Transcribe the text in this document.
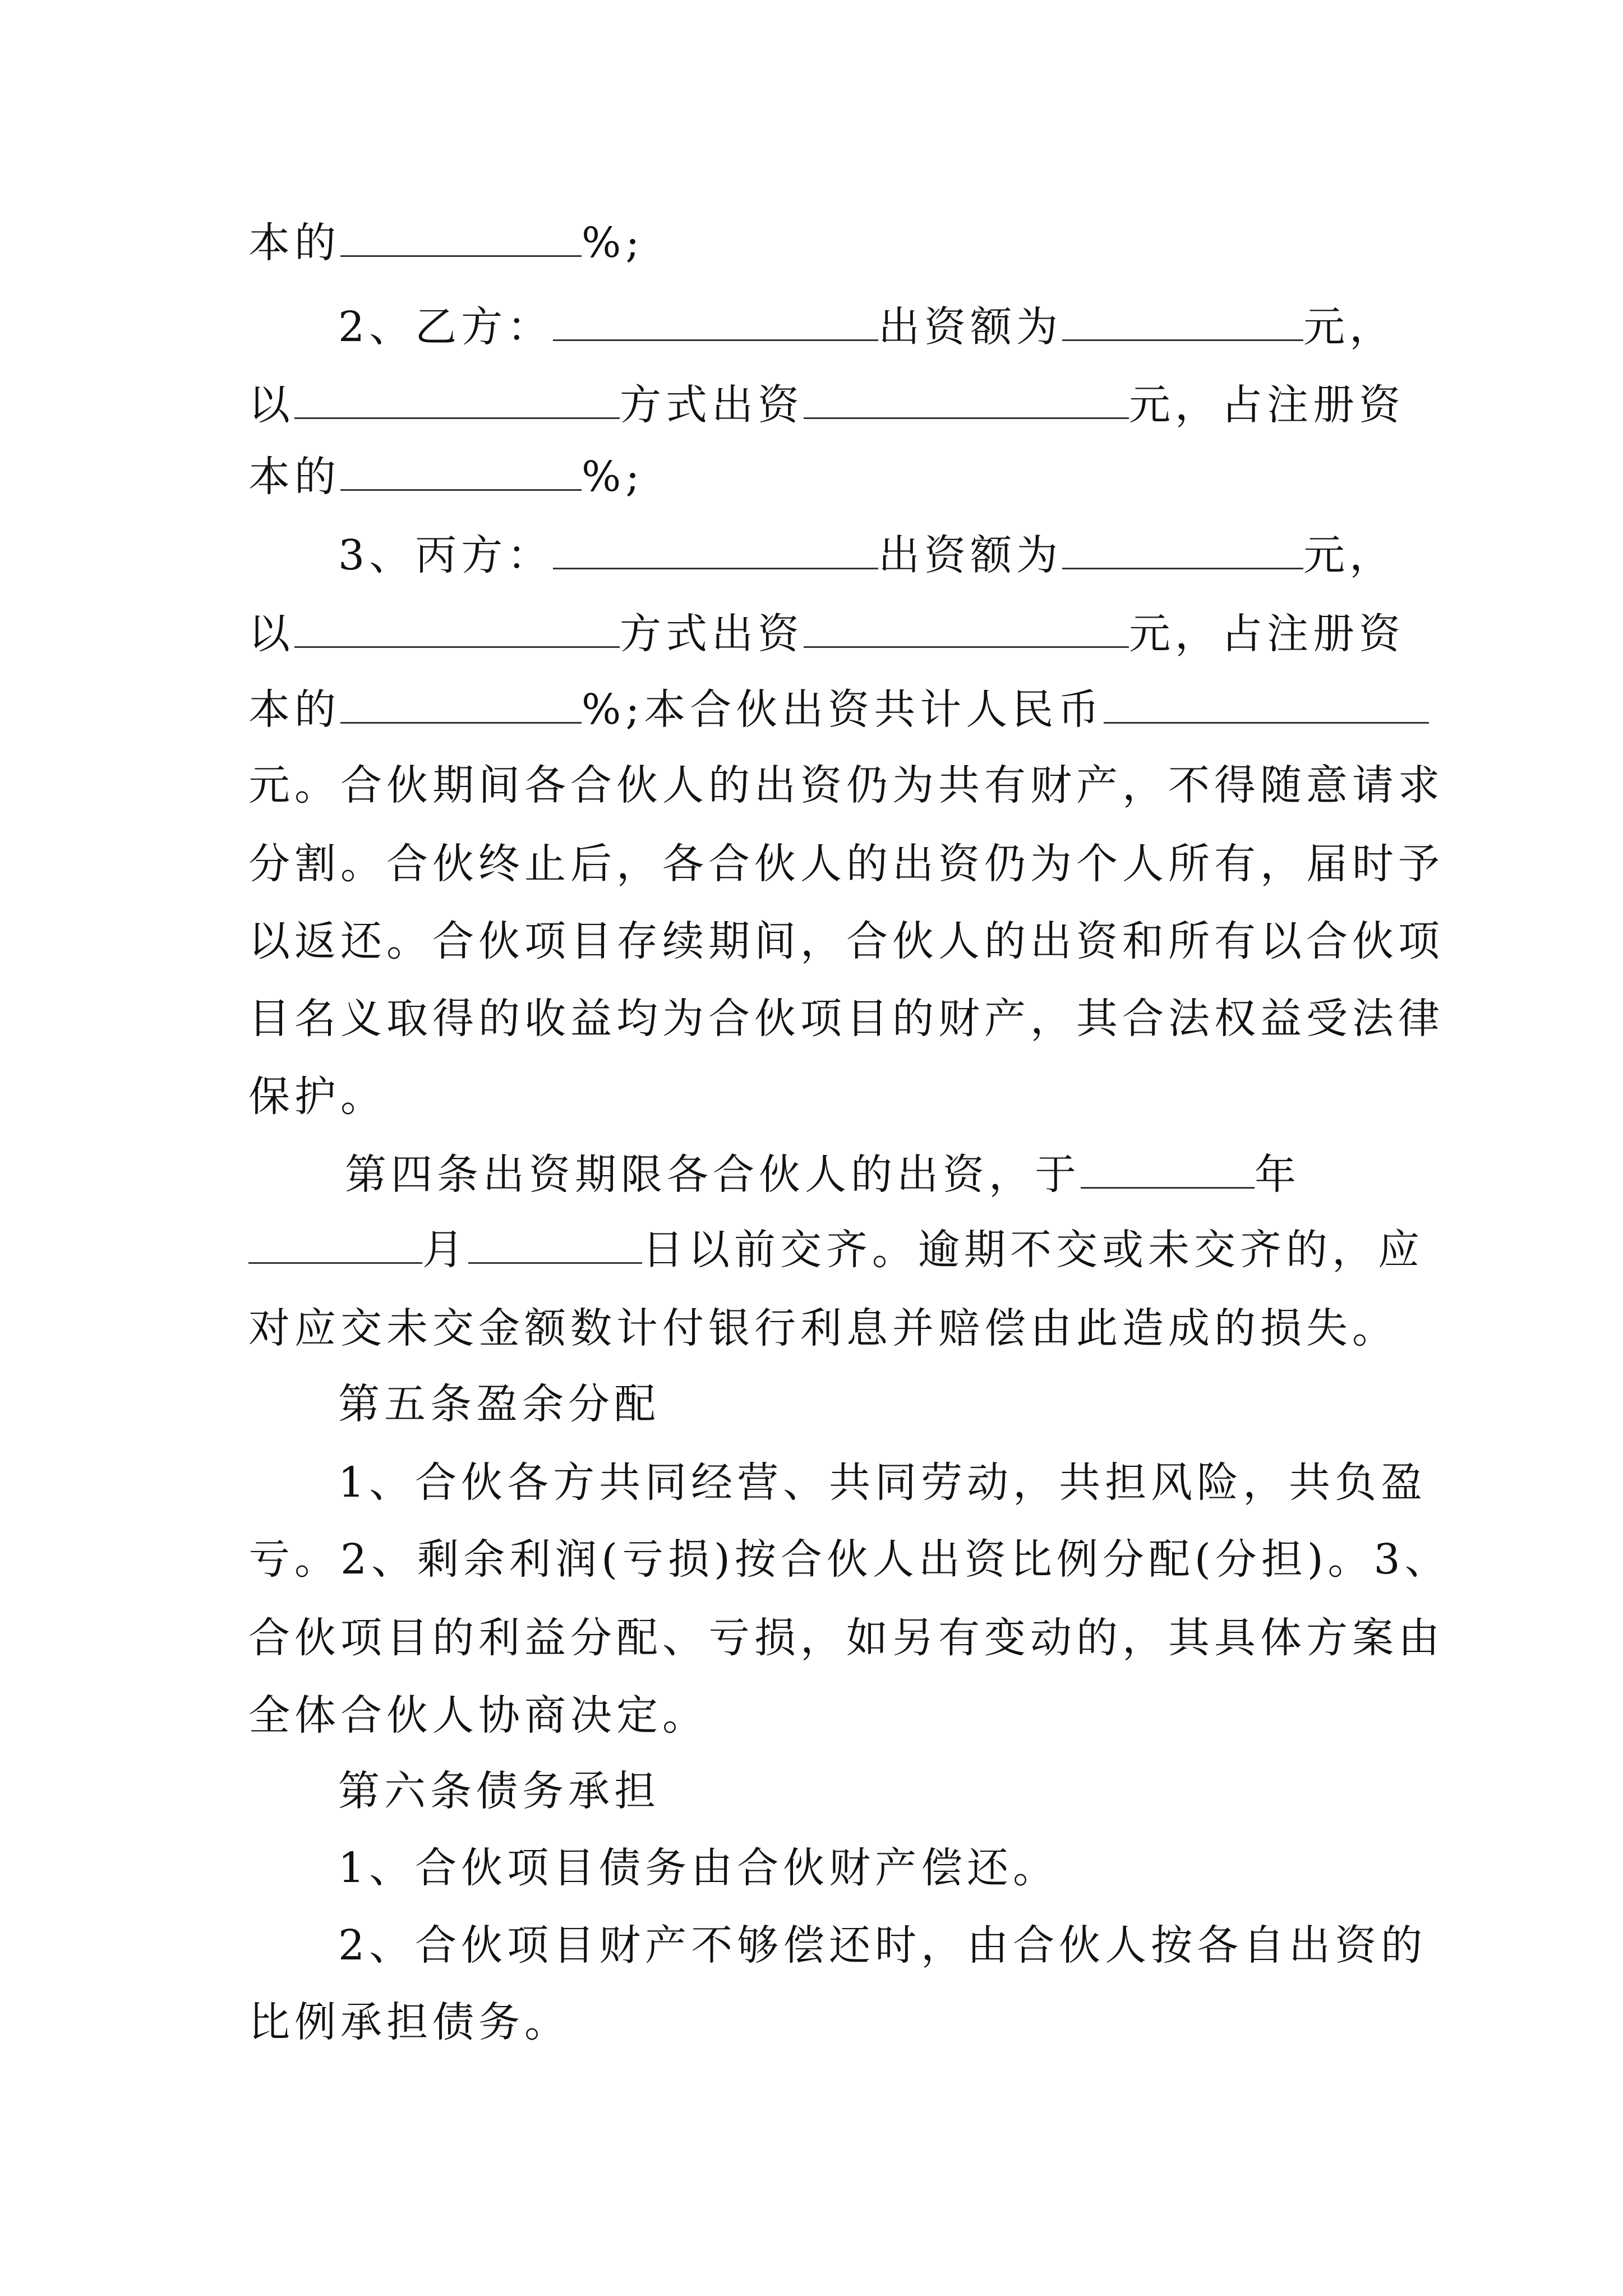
本的	%;
2、乙方：	出资额为	元，
以	方式出资	元，占注册资
本的	%;
3、丙方：	出资额为	元，
以	方式出资	元，占注册资
本的	%;本合伙出资共计人民币
元。合伙期间各合伙人的出资仍为共有财产，不得随意请求
分割。合伙终止后，各合伙人的出资仍为个人所有，届时予
以返还。合伙项目存续期间，合伙人的出资和所有以合伙项
目名义取得的收益均为合伙项目的财产，其合法权益受法律
保护。
第四条出资期限各合伙人的出资，于	年
月	日以前交齐。逾期不交或未交齐的，应
对应交未交金额数计付银行利息并赔偿由此造成的损失。
第五条盈余分配
1、合伙各方共同经营、共同劳动，共担风险，共负盈
亏。2、剩余利润(亏损)按合伙人出资比例分配(分担)。3、
合伙项目的利益分配、亏损，如另有变动的，其具体方案由
全体合伙人协商决定。
第六条债务承担
1、合伙项目债务由合伙财产偿还。
2、合伙项目财产不够偿还时，由合伙人按各自出资的
比例承担债务。
